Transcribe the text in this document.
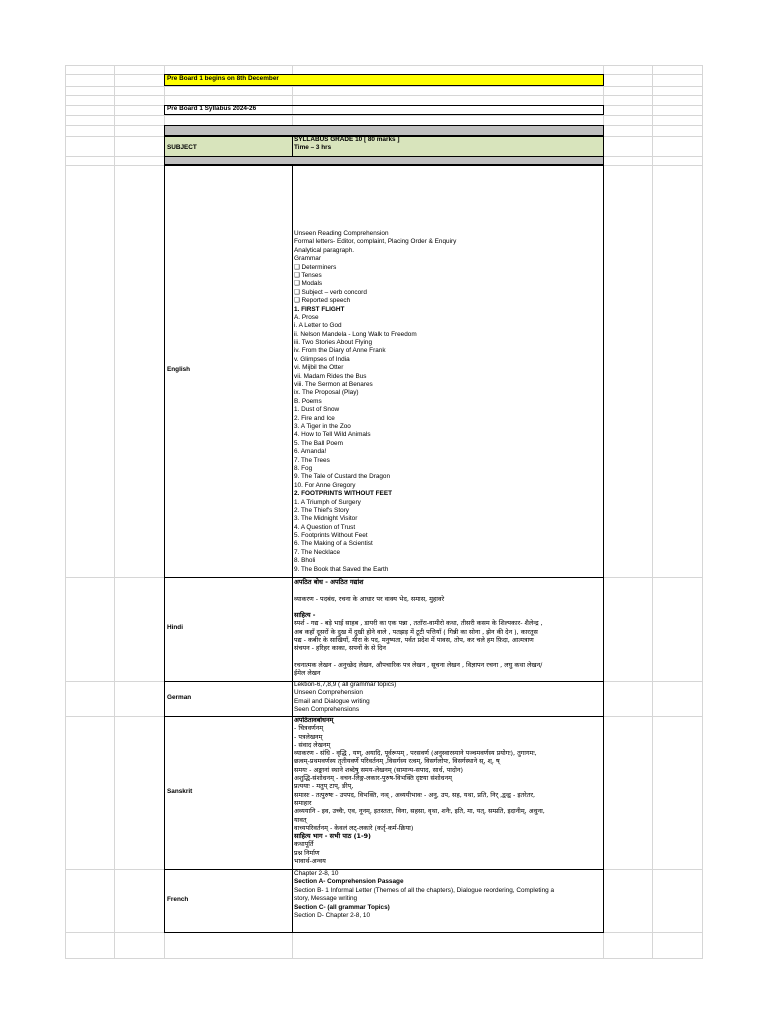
Pre Board 1 begins on 8th December
Pre Board 1 Syllabus 2024-26
SUBJECT
SYLLABUS GRADE 10 [ 80 marks ]
Time – 3 hrs
English
Unseen Reading Comprehension
Formal letters- Editor, complaint, Placing Order & Enquiry
Analytical paragraph.
Grammar
❑ Determiners
❑ Tenses
❑ Modals
❑ Subject – verb concord
❑ Reported speech
1. FIRST FLIGHT
A. Prose
i. A Letter to God
ii. Nelson Mandela - Long Walk to Freedom
iii. Two Stories About Flying
iv. From the Diary of Anne Frank
v. Glimpses of India
vi. Mijbil the Otter
vii. Madam Rides the Bus
viii. The Sermon at Benares
ix. The Proposal (Play)
B. Poems
1. Dust of Snow
2. Fire and Ice
3. A Tiger in the Zoo
4. How to Tell Wild Animals
5. The Ball Poem
6. Amanda!
7. The Trees
8. Fog
9. The Tale of Custard the Dragon
10. For Anne Gregory
2. FOOTPRINTS WITHOUT FEET
1. A Triumph of Surgery
2. The Thief's Story
3. The Midnight Visitor
4. A Question of Trust
5. Footprints Without Feet
6. The Making of a Scientist
7. The Necklace
8. Bholi
9. The Book that Saved the Earth
Hindi
अपठित बोध - अपठित गद्यांश
व्याकरण - पदबंध, रचना के आधार पर वाक्य भेद, समास, मुहावरे
साहित्य -
स्पर्श - गद्य - बड़े भाई साहब , डायरी का एक पन्ना , तताँरा-वामीरो कथा, तीसरी कसम के शिल्पकार- शैलेन्द्र ,
अब कहाँ दूसरों के दुख में दुखी होने वाले , पतझड़ में टूटी पत्तियाँ ( गिन्नी का सोना , झेन की देन ), कारतूस
पद्य - कबीर के साखियाँ, मीरा के पद, मनुष्यता, पर्वत प्रदेश में पावस, तोप, कर चले हम फ़िदा, आत्मत्राण
संचयन - हरिहर काका, सपनों के से दिन
रचनात्मक लेखन - अनुच्छेद लेखन, औपचारिक पत्र लेखन , सूचना लेखन , विज्ञापन रचना , लघु कथा लेखन/
ईमेल लेखन
German
Lektion-6,7,8,9 ( all grammar topics)
Unseen Comprehension
Email and Dialogue writing
Seen Comprehensions
Sanskrit
अपठितावबोधनम्
- चित्रवर्णनम्
- पत्रलेखनम्
- संवाद लेखनम्
व्याकरण - संधि - वृद्धि , यण्, अयादि, पूर्वरूपम् , परसवर्ण (अनुस्वारस्याने पञ्चमवर्णस्य प्रयोगः), तुगागमः,
छत्वम्-प्रथमवर्णस्य तृतीयवर्णे परिवर्तनम् ,विसर्गस्य रत्वम्, विसर्गलोपः, विसर्गस्थाने स्, श्, ष्
समयः - अङ्कानां स्थाने शब्देषु समय-लेखनम् (सामान्य-सपाद, सार्ध, पादोन)
अशुद्धि-संशोधनम् - वचन-लिङ्ग-लकार-पुरुष-विभक्ति दृष्टया संशोधनम्
प्रत्ययाः - मतुप् टाप्, ङीप्,
समासः - तत्पुरुषः - उपपद, विभक्ति, नञ् , अव्ययीभावः - अनु, उप, सह, यथा, प्रति, निर् ,द्वन्द्व - इतरेतर,
समाहार
अव्ययानि - इव, उच्चैः, एव, नूनम्, इतस्ततः, विना, सहसा, वृथा, शनैः, इति, मा, यत्, सम्प्रति, इदानीम्, अधुना,
यावत्
वाच्यपरिवर्तनम् - केवलं लट्-लकारे (कर्तृ-कर्म-क्रिया)
साहित्य भाग - सभी पाठ (1-9)
कथापूर्ति
प्रश्न निर्माण
भावार्थ-अन्वय
French
Chapter 2-8, 10
Section A- Comprehension Passage
Section B- 1 Informal Letter (Themes of all the chapters), Dialogue reordering, Completing a
story, Message writing
Section C- (all grammar Topics)
Section D- Chapter 2-8, 10
